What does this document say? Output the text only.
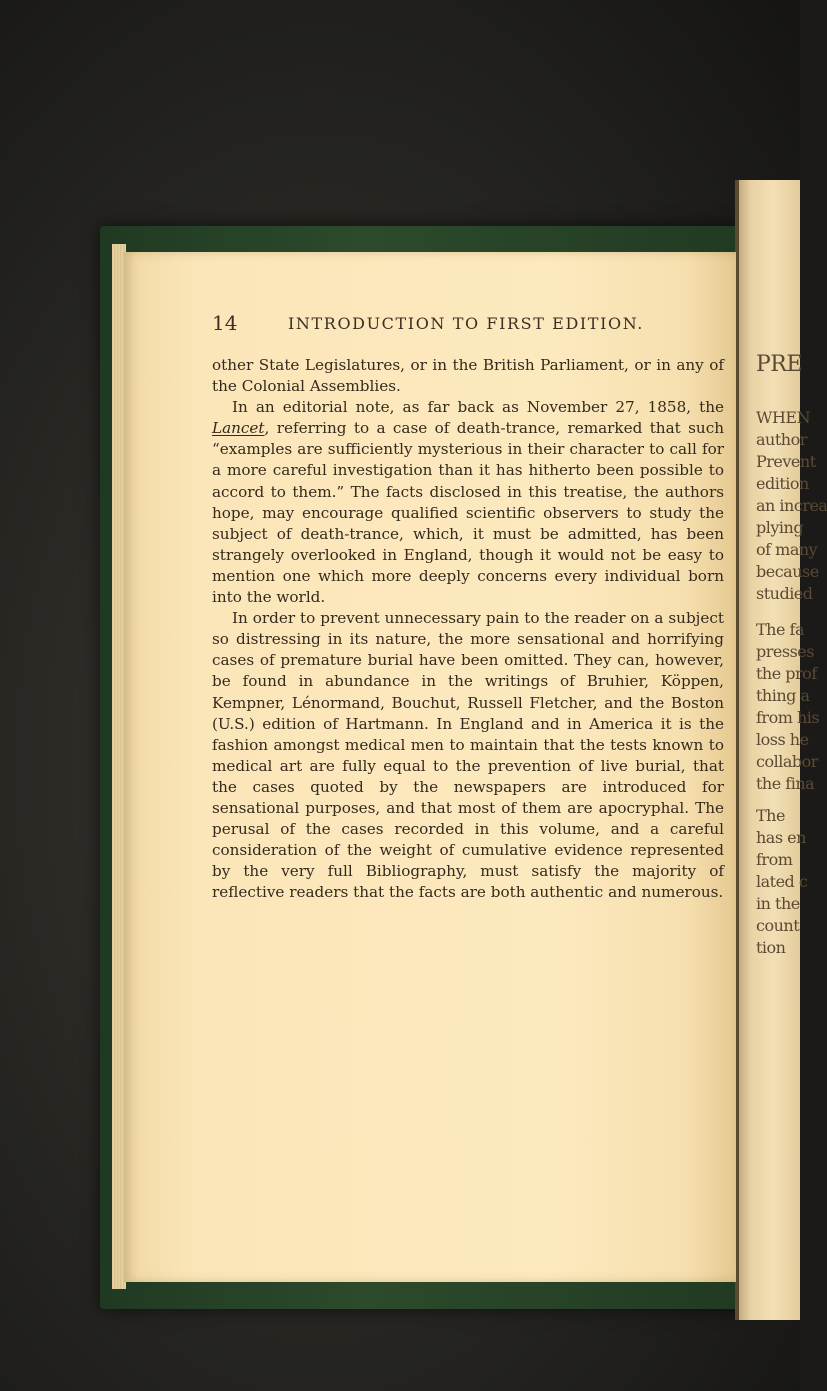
PRE
WHEN
author
Prevent
edition
an increa
plying
of many
because
studied
The fa
presses
the prof
thing a
from his
loss he
collabor
the fina
The
has en
from
lated c
in the
count
tion
14	INTRODUCTION TO FIRST EDITION.

other State Legislatures, or in the British Parliament, or in any of the Colonial Assemblies.

In an editorial note, as far back as November 27, 1858, the Lancet, referring to a case of death-trance, remarked that such “examples are sufficiently mysterious in their character to call for a more careful investigation than it has hitherto been possible to accord to them.” The facts disclosed in this treatise, the authors hope, may encourage qualified scientific observers to study the subject of death-trance, which, it must be admitted, has been strangely overlooked in England, though it would not be easy to mention one which more deeply concerns every individual born into the world.

In order to prevent unnecessary pain to the reader on a subject so distressing in its nature, the more sensational and horrifying cases of premature burial have been omitted. They can, however, be found in abundance in the writings of Bruhier, Köppen, Kempner, Lénormand, Bouchut, Russell Fletcher, and the Boston (U.S.) edition of Hartmann. In England and in America it is the fashion amongst medical men to maintain that the tests known to medical art are fully equal to the prevention of live burial, that the cases quoted by the newspapers are introduced for sensational purposes, and that most of them are apocryphal. The perusal of the cases recorded in this volume, and a careful consideration of the weight of cumulative evidence represented by the very full Bibliography, must satisfy the majority of reflective readers that the facts are both authentic and numerous.
